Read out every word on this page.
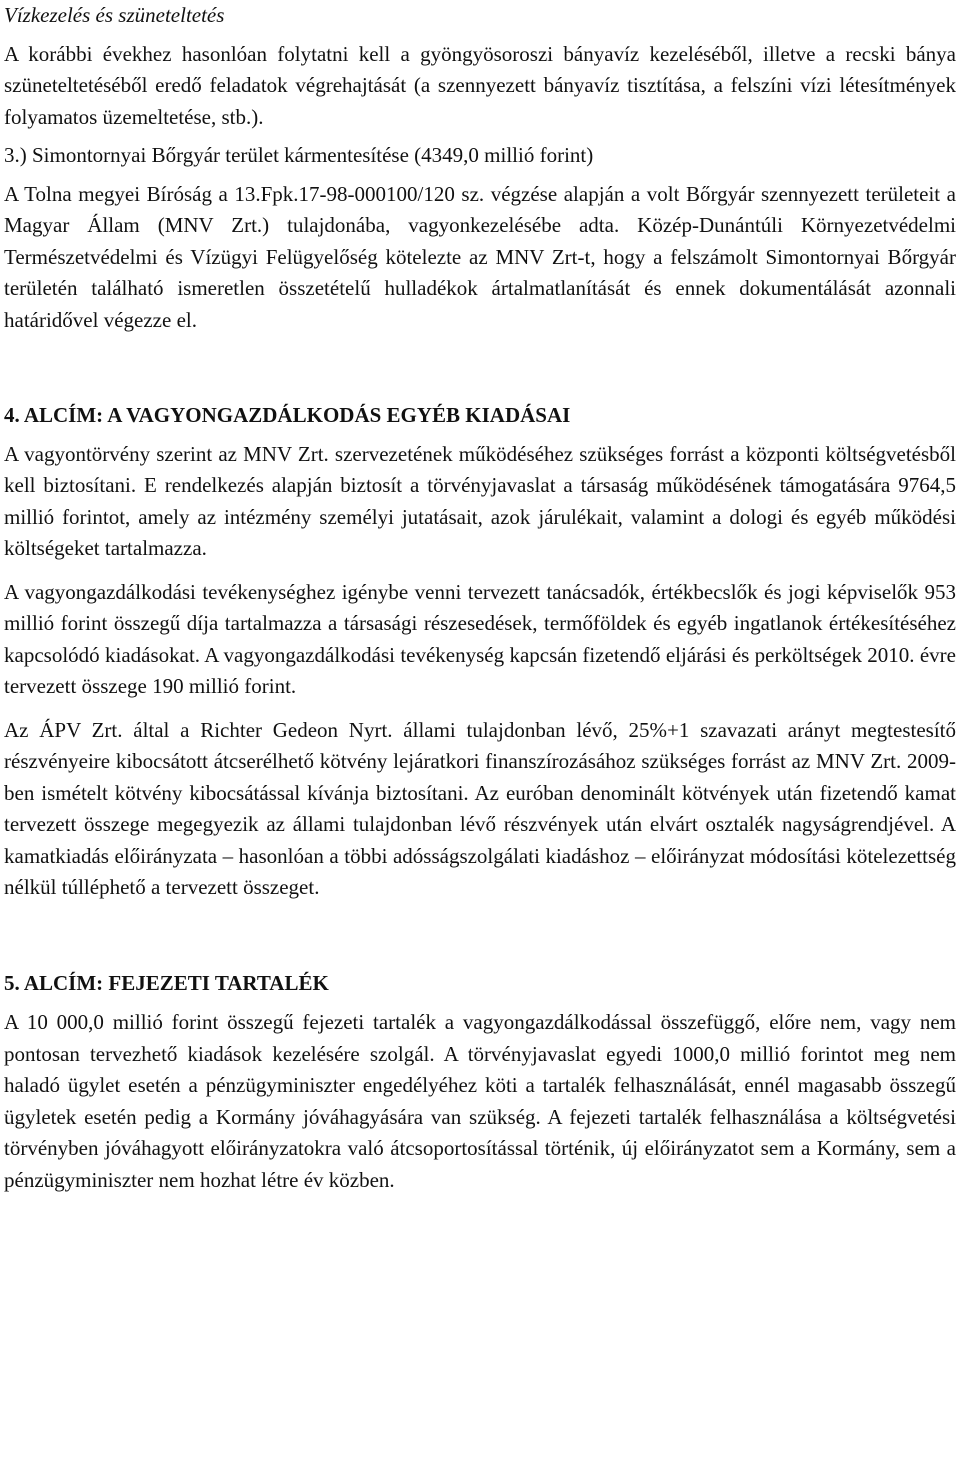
Vízkezelés és szüneteltetés

A korábbi évekhez hasonlóan folytatni kell a gyöngyösoroszi bányavíz kezeléséből, illetve a recski bánya szüneteltetéséből eredő feladatok végrehajtását (a szennyezett bányavíz tisztítása, a felszíni vízi létesítmények folyamatos üzemeltetése, stb.).

3.) Simontornyai Bőrgyár terület kármentesítése (4349,0 millió forint)

A Tolna megyei Bíróság a 13.Fpk.17-98-000100/120 sz. végzése alapján a volt Bőrgyár szennyezett területeit a Magyar Állam (MNV Zrt.) tulajdonába, vagyonkezelésébe adta. Közép-Dunántúli Környezetvédelmi Természetvédelmi és Vízügyi Felügyelőség kötelezte az MNV Zrt-t, hogy a felszámolt Simontornyai Bőrgyár területén található ismeretlen összetételű hulladékok ártalmatlanítását és ennek dokumentálását azonnali határidővel végezze el.

4. ALCÍM: A VAGYONGAZDÁLKODÁS EGYÉB KIADÁSAI

A vagyontörvény szerint az MNV Zrt. szervezetének működéséhez szükséges forrást a központi költségvetésből kell biztosítani. E rendelkezés alapján biztosít a törvényjavaslat a társaság működésének támogatására 9764,5 millió forintot, amely az intézmény személyi jutatásait, azok járulékait, valamint a dologi és egyéb működési költségeket tartalmazza.

A vagyongazdálkodási tevékenységhez igénybe venni tervezett tanácsadók, értékbecslők és jogi képviselők 953 millió forint összegű díja tartalmazza a társasági részesedések, termőföldek és egyéb ingatlanok értékesítéséhez kapcsolódó kiadásokat. A vagyongazdálkodási tevékenység kapcsán fizetendő eljárási és perköltségek 2010. évre tervezett összege 190 millió forint.

Az ÁPV Zrt. által a Richter Gedeon Nyrt. állami tulajdonban lévő, 25%+1 szavazati arányt megtestesítő részvényeire kibocsátott átcserélhető kötvény lejáratkori finanszírozásához szükséges forrást az MNV Zrt. 2009-ben ismételt kötvény kibocsátással kívánja biztosítani. Az euróban denominált kötvények után fizetendő kamat tervezett összege megegyezik az állami tulajdonban lévő részvények után elvárt osztalék nagyságrendjével. A kamatkiadás előirányzata – hasonlóan a többi adósságszolgálati kiadáshoz – előirányzat módosítási kötelezettség nélkül túlléphető a tervezett összeget.

5. ALCÍM: FEJEZETI TARTALÉK

A 10 000,0 millió forint összegű fejezeti tartalék a vagyongazdálkodással összefüggő, előre nem, vagy nem pontosan tervezhető kiadások kezelésére szolgál. A törvényjavaslat egyedi 1000,0 millió forintot meg nem haladó ügylet esetén a pénzügyminiszter engedélyéhez köti a tartalék felhasználását, ennél magasabb összegű ügyletek esetén pedig a Kormány jóváhagyására van szükség. A fejezeti tartalék felhasználása a költségvetési törvényben jóváhagyott előirányzatokra való átcsoportosítással történik, új előirányzatot sem a Kormány, sem a pénzügyminiszter nem hozhat létre év közben.
